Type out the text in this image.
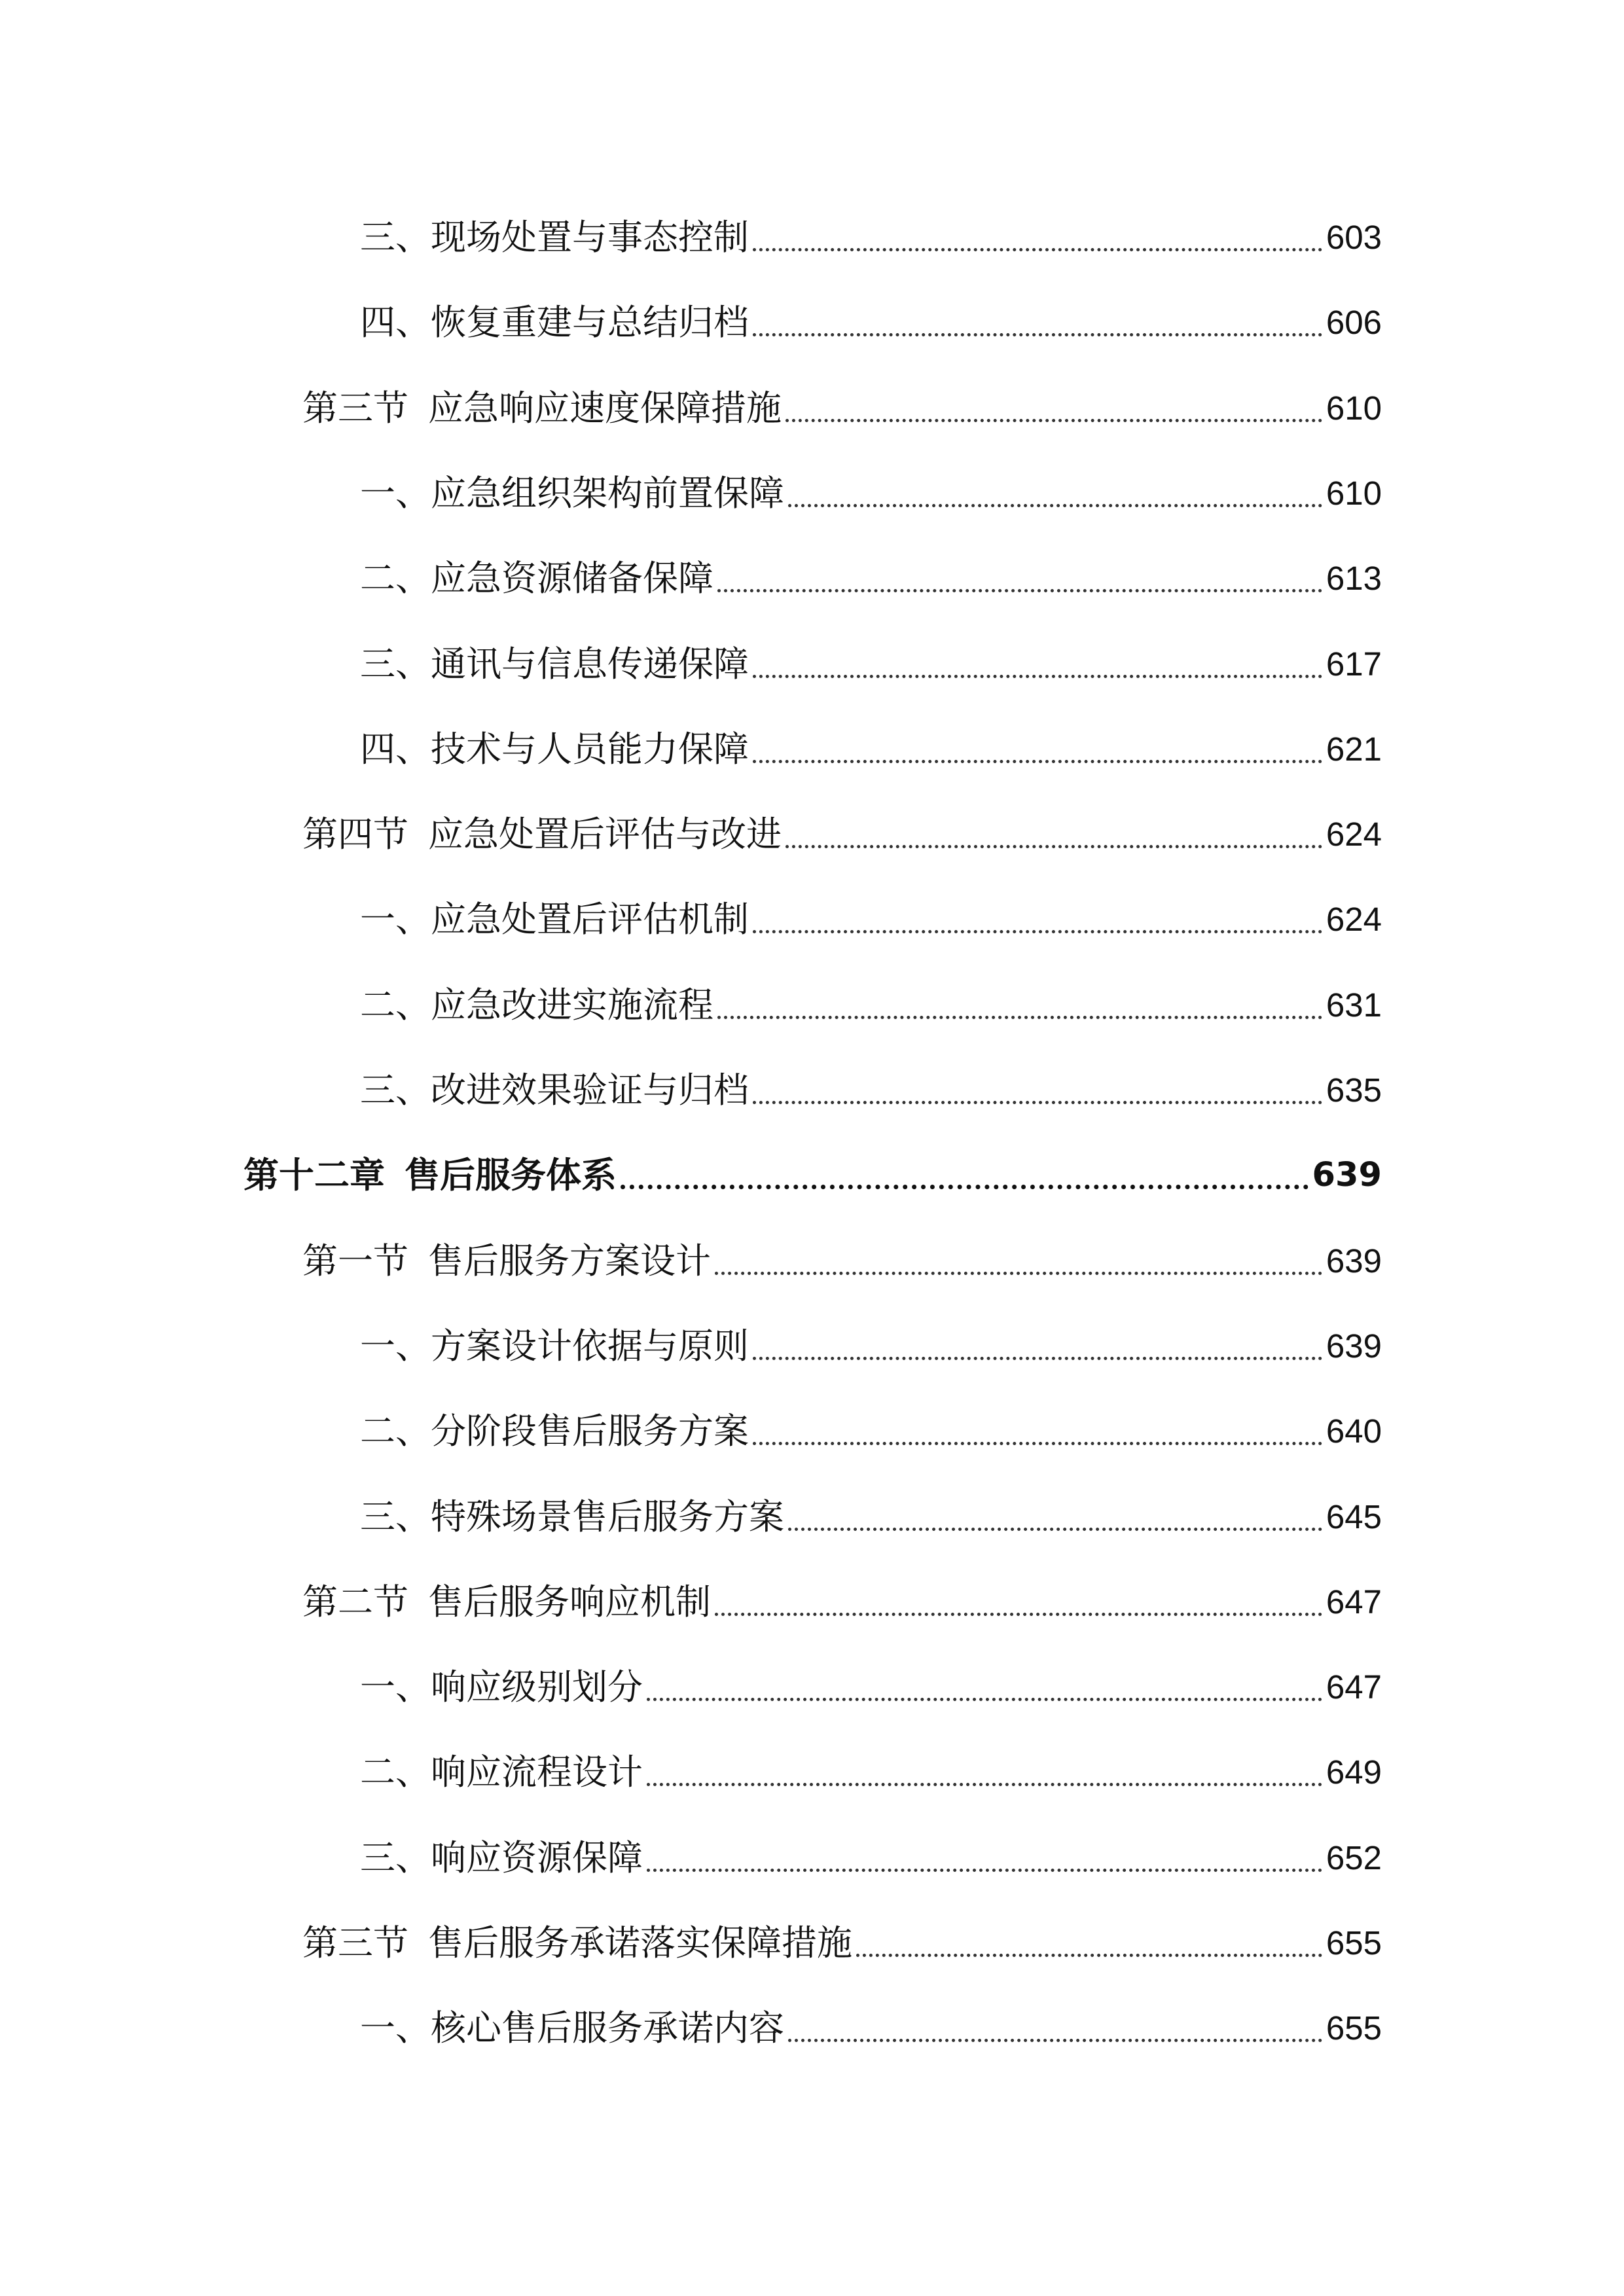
三、现场处置与事态控制	603
四、恢复重建与总结归档	606
第三节 应急响应速度保障措施	610
一、应急组织架构前置保障	610
二、应急资源储备保障	613
三、通讯与信息传递保障	617
四、技术与人员能力保障	621
第四节 应急处置后评估与改进	624
一、应急处置后评估机制	624
二、应急改进实施流程	631
三、改进效果验证与归档	635
第十二章 售后服务体系	639
第一节 售后服务方案设计	639
一、方案设计依据与原则	639
二、分阶段售后服务方案	640
三、特殊场景售后服务方案	645
第二节 售后服务响应机制	647
一、响应级别划分	647
二、响应流程设计	649
三、响应资源保障	652
第三节 售后服务承诺落实保障措施	655
一、核心售后服务承诺内容	655
